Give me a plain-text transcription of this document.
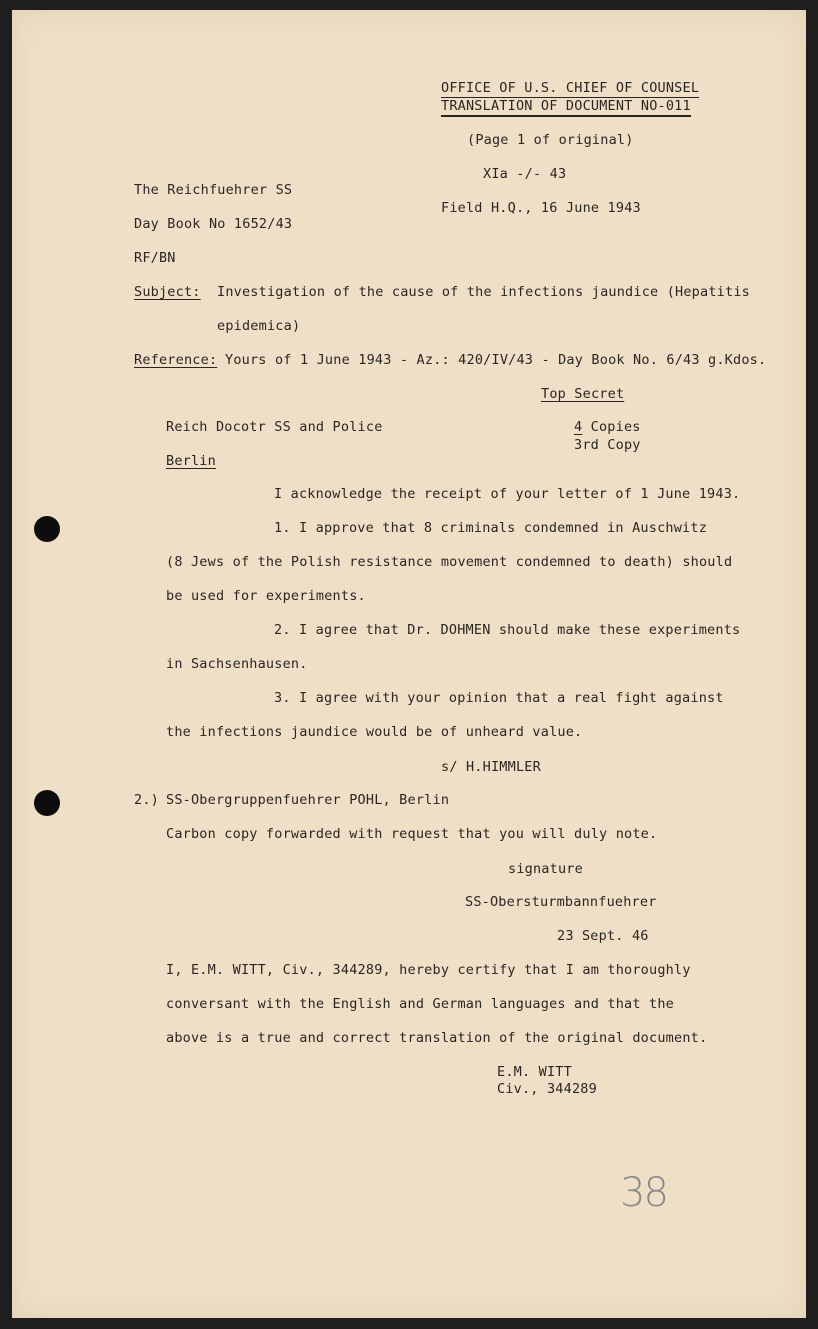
OFFICE OF U.S. CHIEF OF COUNSEL
TRANSLATION OF DOCUMENT NO-011
(Page 1 of original)
XIa -/- 43
Field H.Q., 16 June 1943
The Reichfuehrer SS
Day Book No 1652/43
RF/BN
Subject: Investigation of the cause of the infections jaundice (Hepatitis
epidemica)
Reference: Yours of 1 June 1943 - Az.: 420/IV/43 - Day Book No. 6/43 g.Kdos.
Top Secret
4 Copies
3rd Copy
Reich Docotr SS and Police
Berlin
I acknowledge the receipt of your letter of 1 June 1943.
1. I approve that 8 criminals condemned in Auschwitz
(8 Jews of the Polish resistance movement condemned to death) should
be used for experiments.
2. I agree that Dr. DOHMEN should make these experiments
in Sachsenhausen.
3. I agree with your opinion that a real fight against
the infections jaundice would be of unheard value.
s/ H.HIMMLER
2.) SS-Obergruppenfuehrer POHL, Berlin
Carbon copy forwarded with request that you will duly note.
signature
SS-Obersturmbannfuehrer
23 Sept. 46
I, E.M. WITT, Civ., 344289, hereby certify that I am thoroughly
conversant with the English and German languages and that the
above is a true and correct translation of the original document.
E.M. WITT
Civ., 344289
38
